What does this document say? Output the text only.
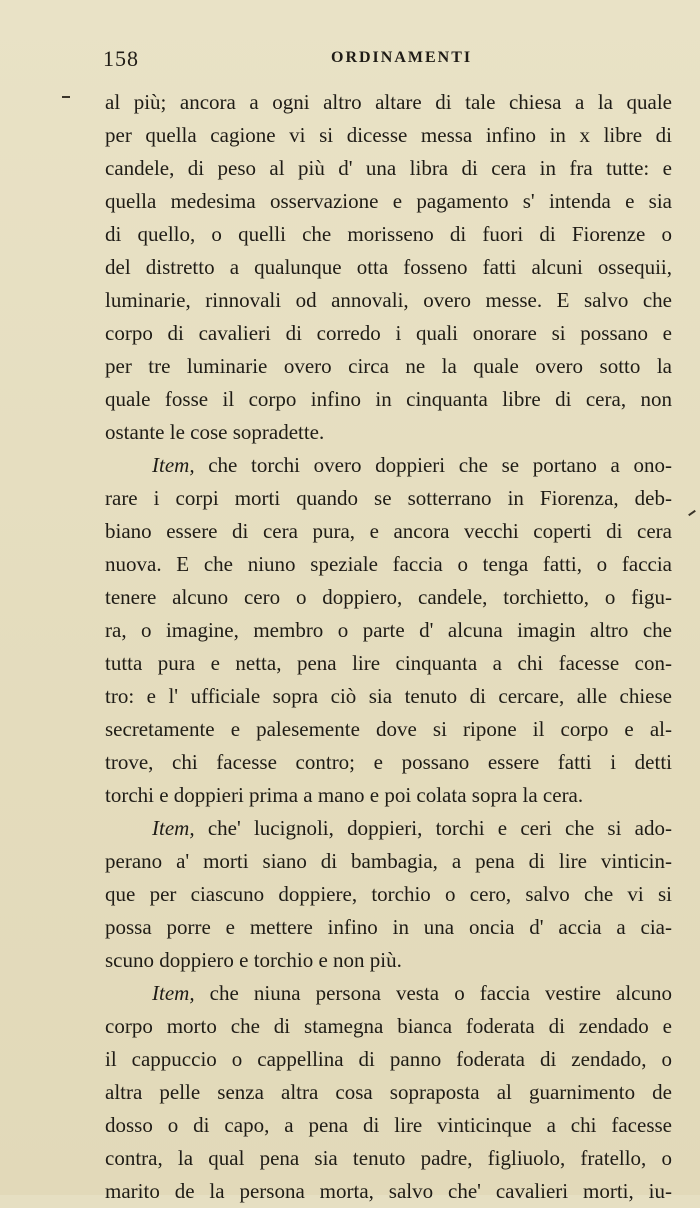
158	ORDINAMENTI
al più; ancora a ogni altro altare di tale chiesa a la quale
per quella cagione vi si dicesse messa infino in x libre di
candele, di peso al più d' una libra di cera in fra tutte: e
quella medesima osservazione e pagamento s' intenda e sia
di quello, o quelli che morisseno di fuori di Fiorenze o
del distretto a qualunque otta fosseno fatti alcuni ossequii,
luminarie, rinnovali od annovali, overo messe. E salvo che
corpo di cavalieri di corredo i quali onorare si possano e
per tre luminarie overo circa ne la quale overo sotto la
quale fosse il corpo infino in cinquanta libre di cera, non
ostante le cose sopradette.
Item, che torchi overo doppieri che se portano a ono-
rare i corpi morti quando se sotterrano in Fiorenza, deb-
biano essere di cera pura, e ancora vecchi coperti di cera
nuova. E che niuno speziale faccia o tenga fatti, o faccia
tenere alcuno cero o doppiero, candele, torchietto, o figu-
ra, o imagine, membro o parte d' alcuna imagin altro che
tutta pura e netta, pena lire cinquanta a chi facesse con-
tro: e l' ufficiale sopra ciò sia tenuto di cercare, alle chiese
secretamente e palesemente dove si ripone il corpo e al-
trove, chi facesse contro; e possano essere fatti i detti
torchi e doppieri prima a mano e poi colata sopra la cera.
Item, che' lucignoli, doppieri, torchi e ceri che si ado-
perano a' morti siano di bambagia, a pena di lire vinticin-
que per ciascuno doppiere, torchio o cero, salvo che vi si
possa porre e mettere infino in una oncia d' accia a cia-
scuno doppiero e torchio e non più.
Item, che niuna persona vesta o faccia vestire alcuno
corpo morto che di stamegna bianca foderata di zendado e
il cappuccio o cappellina di panno foderata di zendado, o
altra pelle senza altra cosa sopraposta al guarnimento de
dosso o di capo, a pena di lire vinticinque a chi facesse
contra, la qual pena sia tenuto padre, figliuolo, fratello, o
marito de la persona morta, salvo che' cavalieri morti, iu-
